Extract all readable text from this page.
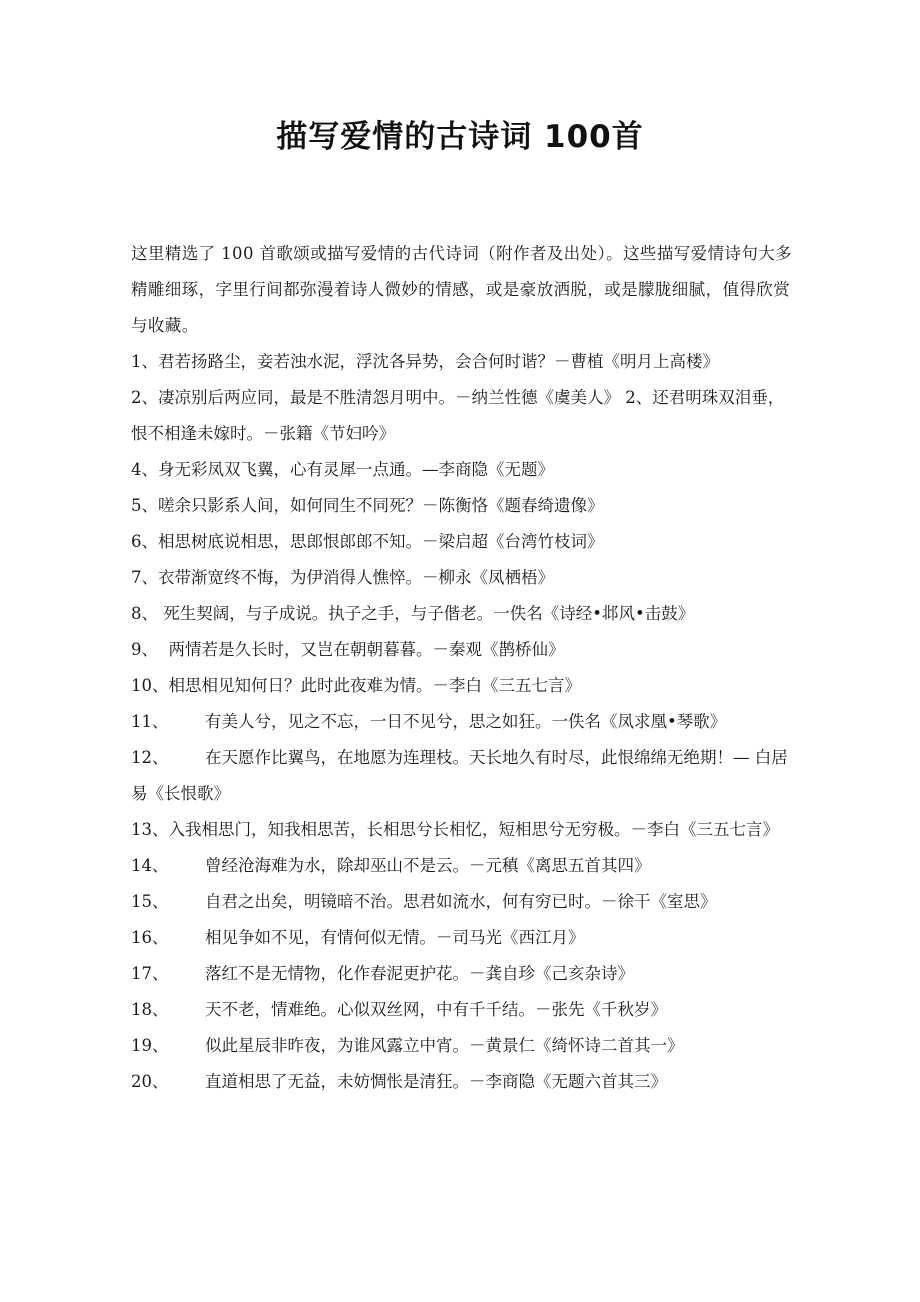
描写爱情的古诗词 100首

这里精选了 100 首歌颂或描写爱情的古代诗词（附作者及出处）。这些描写爱情诗句大多精雕细琢，字里行间都弥漫着诗人微妙的情感，或是豪放洒脱，或是朦胧细腻，值得欣赏与收藏。

1、君若扬路尘，妾若浊水泥，浮沈各异势，会合何时谐？－曹植《明月上高楼》

2、凄凉别后两应同，最是不胜清怨月明中。－纳兰性德《虞美人》 2、还君明珠双泪垂，恨不相逢未嫁时。－张籍《节妇吟》

4、身无彩凤双飞翼，心有灵犀一点通。—李商隐《无题》

5、嗟余只影系人间，如何同生不同死？－陈衡恪《题春绮遗像》

6、相思树底说相思，思郎恨郎郎不知。－梁启超《台湾竹枝词》

7、衣带渐宽终不悔，为伊消得人憔悴。－柳永《凤栖梧》

8、 死生契阔，与子成说。执子之手，与子偕老。一佚名《诗经•邶风•击鼓》

9、  两情若是久长时，又岂在朝朝暮暮。－秦观《鹊桥仙》

10、相思相见知何日？此时此夜难为情。－李白《三五七言》

11、 有美人兮，见之不忘，一日不见兮，思之如狂。一佚名《凤求凰•琴歌》

12、 在天愿作比翼鸟，在地愿为连理枝。天长地久有时尽，此恨绵绵无绝期！— 白居易《长恨歌》

13、入我相思门，知我相思苦，长相思兮长相忆，短相思兮无穷极。－李白《三五七言》

14、 曾经沧海难为水，除却巫山不是云。－元稹《离思五首其四》

15、 自君之出矣，明镜暗不治。思君如流水，何有穷已时。－徐干《室思》

16、 相见争如不见，有情何似无情。－司马光《西江月》

17、 落红不是无情物，化作春泥更护花。－龚自珍《己亥杂诗》

18、 天不老，情难绝。心似双丝网，中有千千结。－张先《千秋岁》

19、 似此星辰非昨夜，为谁风露立中宵。－黄景仁《绮怀诗二首其一》

20、 直道相思了无益，未妨惆怅是清狂。－李商隐《无题六首其三》
